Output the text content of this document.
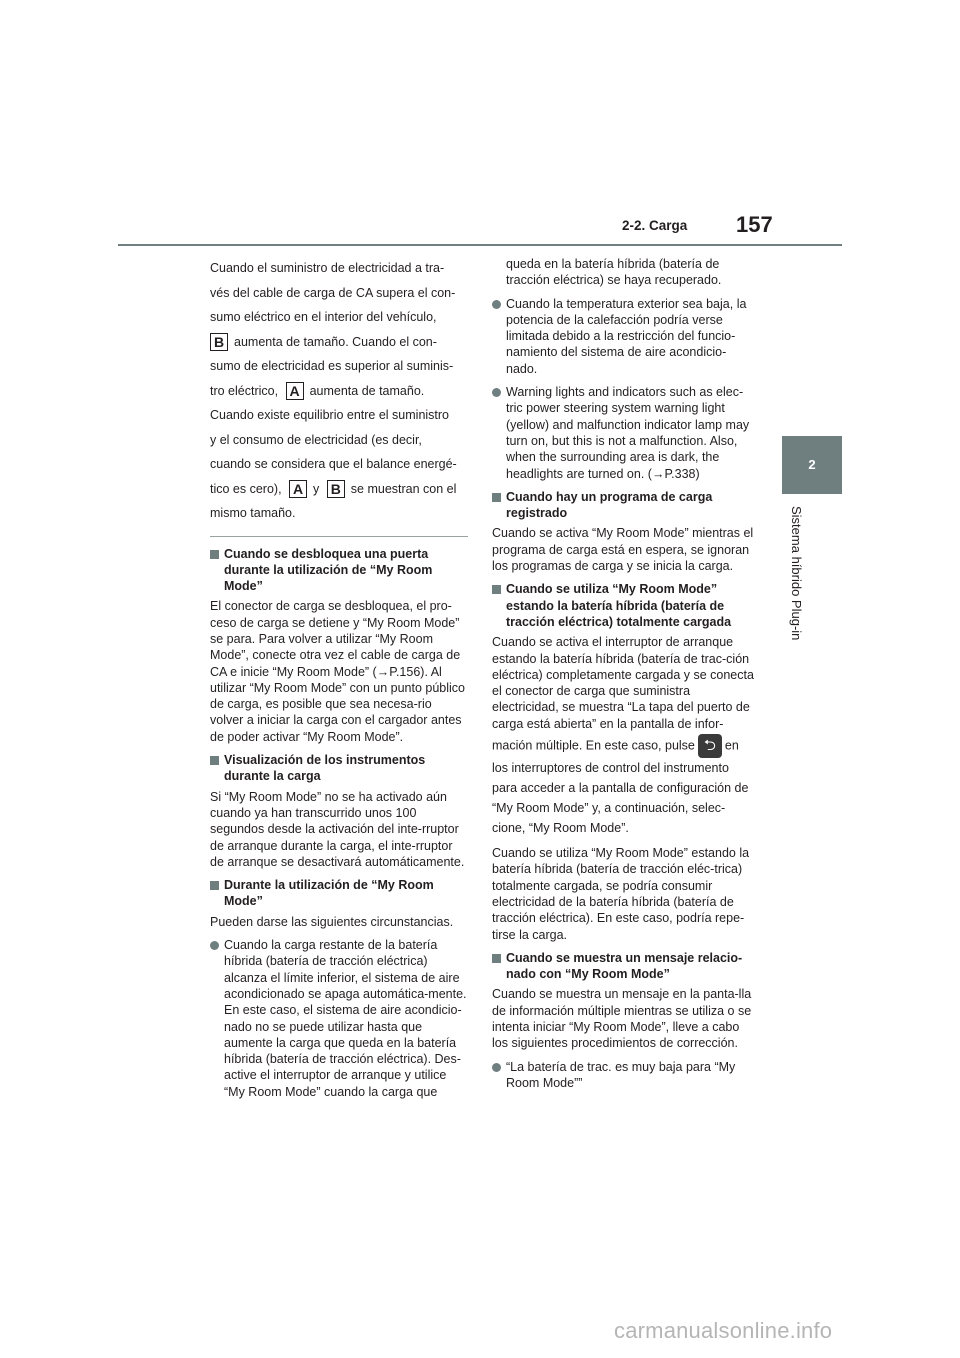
157
2-2. Carga
2
Sistema híbrido Plug-in

Cuando el suministro de electricidad a tra-

vés del cable de carga de CA supera el con-

sumo eléctrico en el interior del vehículo,

B aumenta de tamaño. Cuando el con-

sumo de electricidad es superior al suminis-

tro eléctrico, A aumenta de tamaño.

Cuando existe equilibrio entre el suministro

y el consumo de electricidad (es decir,

cuando se considera que el balance energé-

tico es cero), A y B se muestran con el

mismo tamaño.

Cuando se desbloquea una puerta durante la utilización de “My Room Mode”

El conector de carga se desbloquea, el pro-ceso de carga se detiene y “My Room Mode” se para. Para volver a utilizar “My Room Mode”, conecte otra vez el cable de carga de CA e inicie “My Room Mode” (→P.156). Al utilizar “My Room Mode” con un punto público de carga, es posible que sea necesa-rio volver a iniciar la carga con el cargador antes de poder activar “My Room Mode”.

Visualización de los instrumentos durante la carga

Si “My Room Mode” no se ha activado aún cuando ya han transcurrido unos 100 segundos desde la activación del inte-rruptor de arranque durante la carga, el inte-rruptor de arranque se desactivará automáticamente.

Durante la utilización de “My Room Mode”

Pueden darse las siguientes circunstancias.

Cuando la carga restante de la batería híbrida (batería de tracción eléctrica) alcanza el límite inferior, el sistema de aire acondicionado se apaga automática-mente.
En este caso, el sistema de aire acondicio-nado no se puede utilizar hasta que aumente la carga que queda en la batería híbrida (batería de tracción eléctrica). Des-active el interruptor de arranque y utilice “My Room Mode” cuando la carga que

queda en la batería híbrida (batería de tracción eléctrica) se haya recuperado.

Cuando la temperatura exterior sea baja, la potencia de la calefacción podría verse limitada debido a la restricción del funcio-namiento del sistema de aire acondicio-nado.
Warning lights and indicators such as elec-tric power steering system warning light (yellow) and malfunction indicator lamp may turn on, but this is not a malfunction. Also, when the surrounding area is dark, the headlights are turned on. (→P.338)
Cuando hay un programa de carga registrado

Cuando se activa “My Room Mode” mientras el programa de carga está en espera, se ignoran los programas de carga y se inicia la carga.

Cuando se utiliza “My Room Mode” estando la batería híbrida (batería de tracción eléctrica) totalmente cargada

Cuando se activa el interruptor de arranque estando la batería híbrida (batería de trac-ción eléctrica) completamente cargada y se conecta el conector de carga que suministra electricidad, se muestra “La tapa del puerto de carga está abierta” en la pantalla de infor-

mación múltiple. En este caso, pulse ⮌ en los interruptores de control del instrumento para acceder a la pantalla de configuración de “My Room Mode” y, a continuación, selec-cione, “My Room Mode”.

Cuando se utiliza “My Room Mode” estando la batería híbrida (batería de tracción eléc-trica) totalmente cargada, se podría consumir electricidad de la batería híbrida (batería de tracción eléctrica). En este caso, podría repe-tirse la carga.

Cuando se muestra un mensaje relacio-nado con “My Room Mode”

Cuando se muestra un mensaje en la panta-lla de información múltiple mientras se utiliza o se intenta iniciar “My Room Mode”, lleve a cabo los siguientes procedimientos de corrección.

“La batería de trac. es muy baja para “My Room Mode””
carmanualsonline.info
